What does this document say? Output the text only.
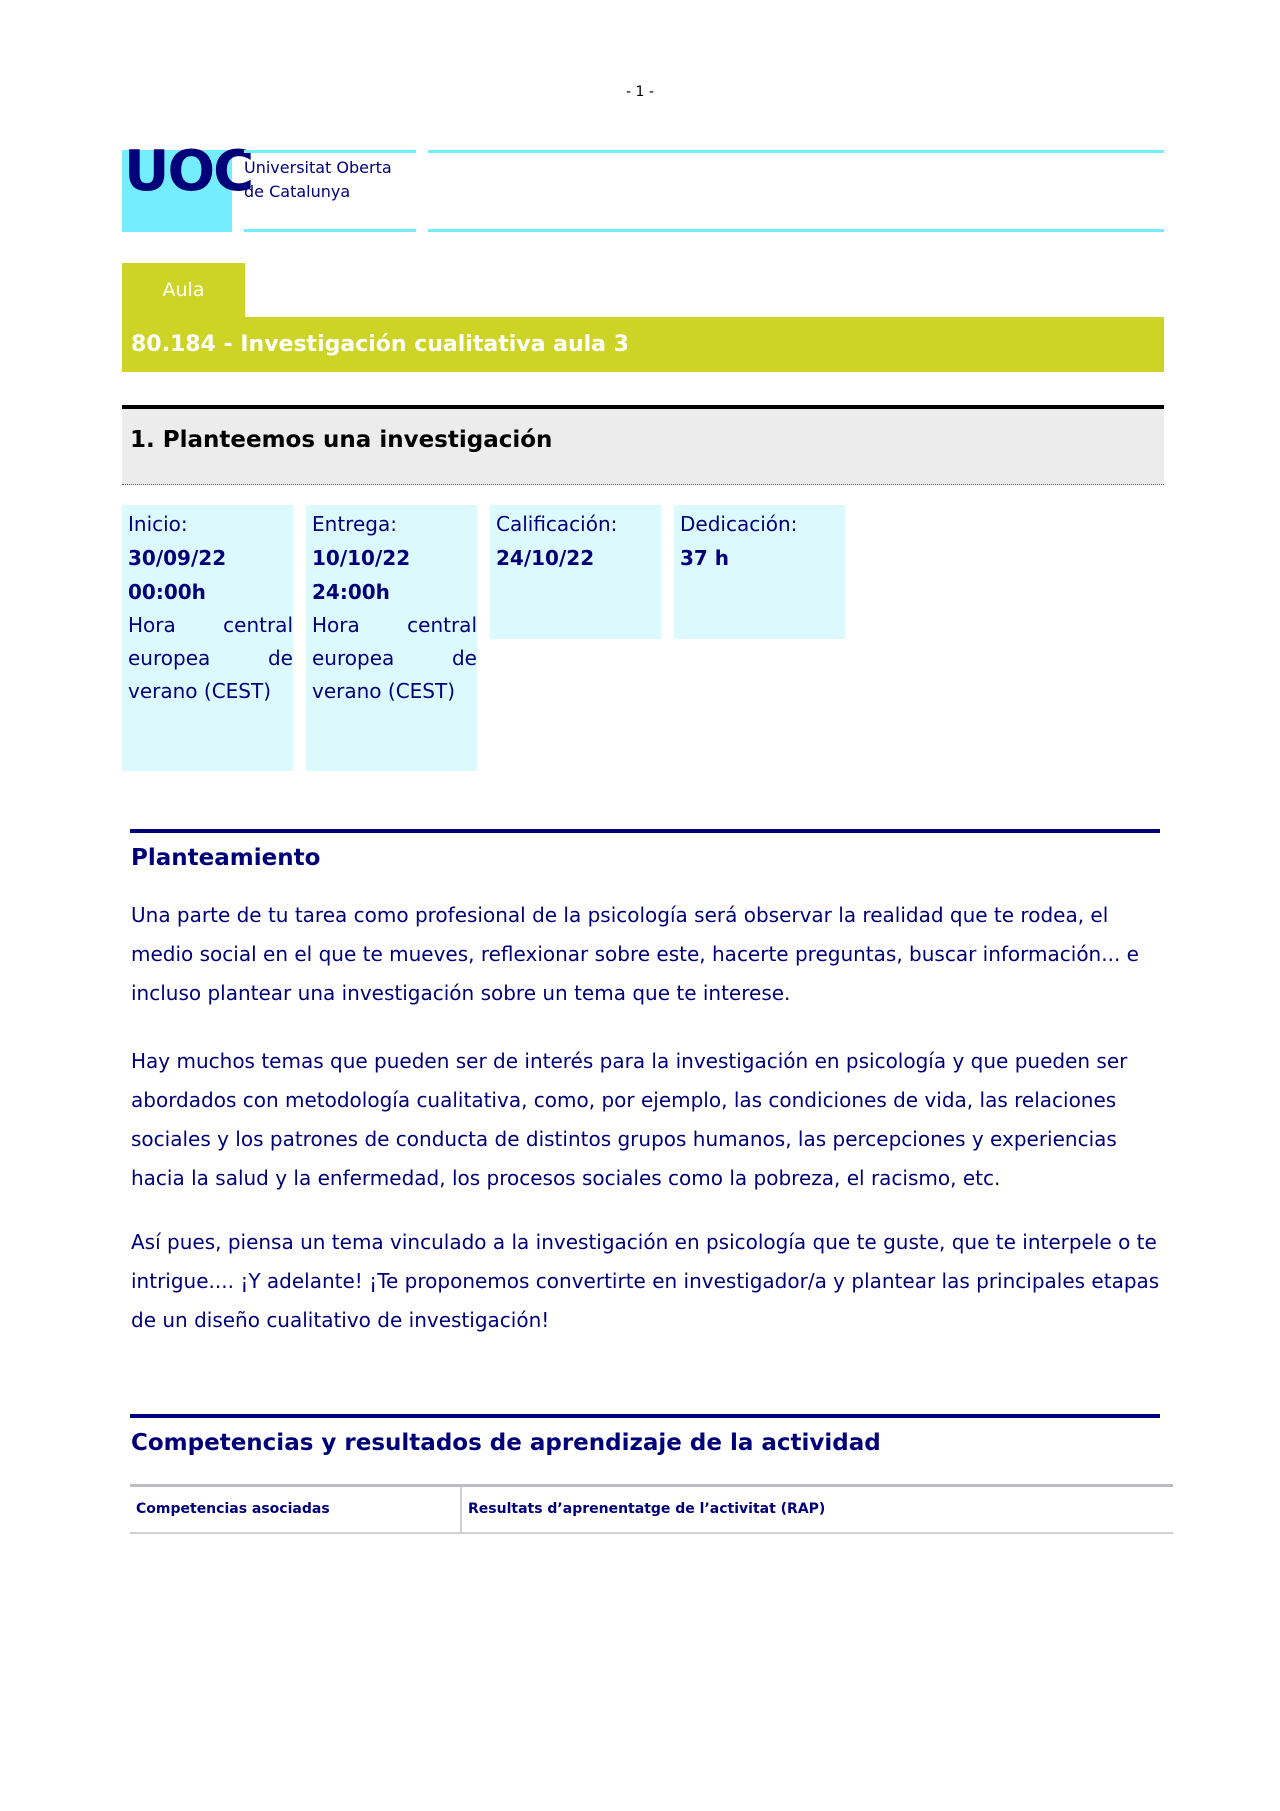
- 1 -
UOC
Universitat Oberta
de Catalunya
Aula
80.184 - Investigación cualitativa aula 3
1. Planteemos una investigación
Inicio:
30/09/22
00:00h
Hora central europea de verano (CEST)
Entrega:
10/10/22
24:00h
Hora central europea de verano (CEST)
Calificación:
24/10/22
Dedicación:
37 h
Planteamiento

Una parte de tu tarea como profesional de la psicología será observar la realidad que te rodea, el medio social en el que te mueves, reflexionar sobre este, hacerte preguntas, buscar información... e incluso plantear una investigación sobre un tema que te interese.

Hay muchos temas que pueden ser de interés para la investigación en psicología y que pueden ser abordados con metodología cualitativa, como, por ejemplo, las condiciones de vida, las relaciones sociales y los patrones de conducta de distintos grupos humanos, las percepciones y experiencias hacia la salud y la enfermedad, los procesos sociales como la pobreza, el racismo, etc.

Así pues, piensa un tema vinculado a la investigación en psicología que te guste, que te interpele o te intrigue.... ¡Y adelante! ¡Te proponemos convertirte en investigador/a y plantear las principales etapas de un diseño cualitativo de investigación!

Competencias y resultados de aprendizaje de la actividad
Competencias asociadas	Resultats d’aprenentatge de l’activitat (RAP)
